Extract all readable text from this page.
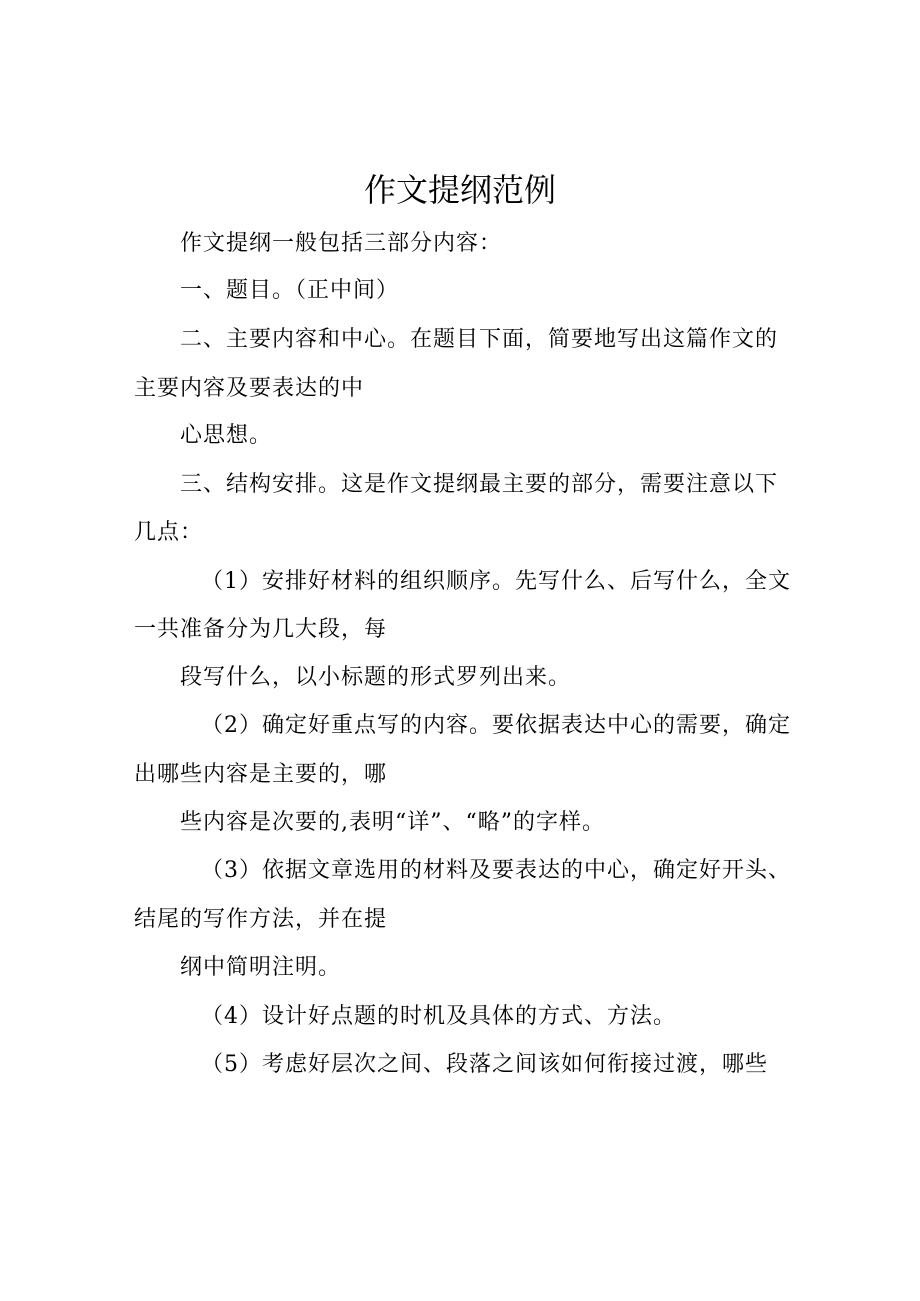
作文提纲范例
作文提纲一般包括三部分内容：
一、题目。（正中间）
二、主要内容和中心。在题目下面，简要地写出这篇作文的
主要内容及要表达的中
心思想。
三、结构安排。这是作文提纲最主要的部分，需要注意以下
几点：
（1）安排好材料的组织顺序。先写什么、后写什么，全文
一共准备分为几大段，每
段写什么，以小标题的形式罗列出来。
（2）确定好重点写的内容。要依据表达中心的需要，确定
出哪些内容是主要的，哪
些内容是次要的,表明“详”、“略”的字样。
（3）依据文章选用的材料及要表达的中心，确定好开头、
结尾的写作方法，并在提
纲中简明注明。
（4）设计好点题的时机及具体的方式、方法。
（5）考虑好层次之间、段落之间该如何衔接过渡，哪些
